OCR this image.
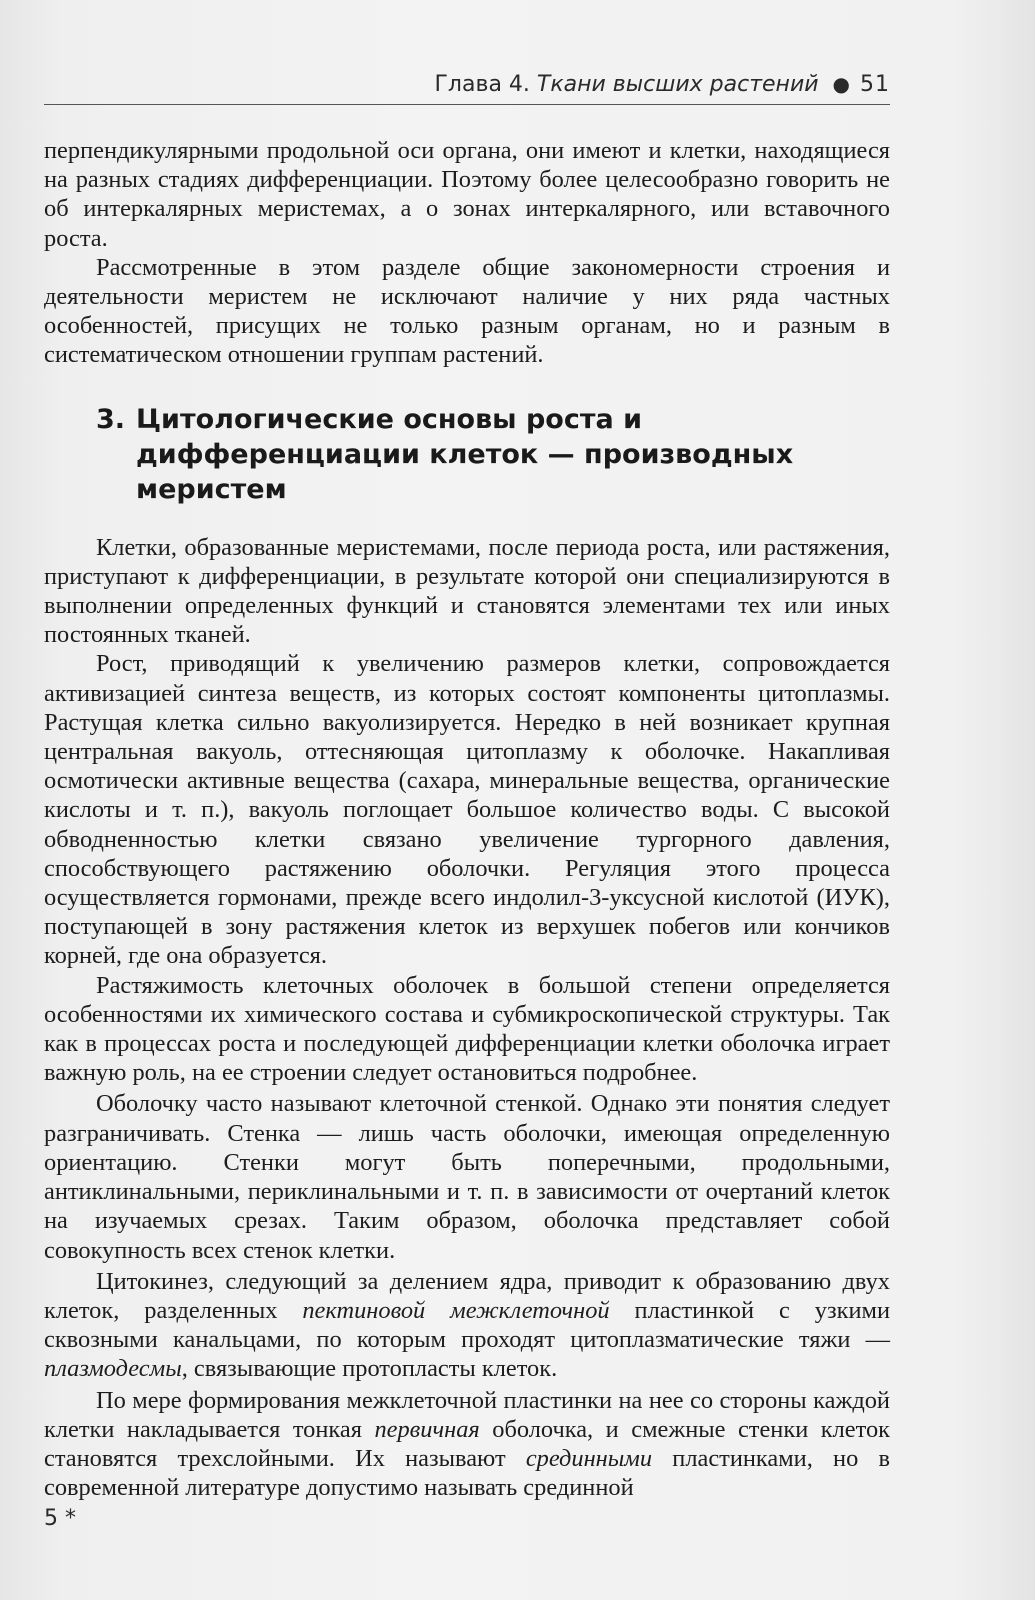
Глава 4. Ткани высших растений ● 51

перпендикулярными продольной оси органа, они имеют и клетки, находящиеся на разных стадиях дифференциации. Поэтому более целесообразно говорить не об интеркалярных меристемах, а о зонах интеркалярного, или вставочного роста.

Рассмотренные в этом разделе общие закономерности строения и деятельности меристем не исключают наличие у них ряда частных особенностей, присущих не только разным органам, но и разным в систематическом отношении группам растений.

3. Цитологические основы роста и дифференциации клеток — производных меристем

Клетки, образованные меристемами, после периода роста, или растяжения, приступают к дифференциации, в результате которой они специализируются в выполнении определенных функций и становятся элементами тех или иных постоянных тканей.

Рост, приводящий к увеличению размеров клетки, сопровождается активизацией синтеза веществ, из которых состоят компоненты цитоплазмы. Растущая клетка сильно вакуолизируется. Нередко в ней возникает крупная центральная вакуоль, оттесняющая цитоплазму к оболочке. Накапливая осмотически активные вещества (сахара, минеральные вещества, органические кислоты и т. п.), вакуоль поглощает большое количество воды. С высокой обводненностью клетки связано увеличение тургорного давления, способствующего растяжению оболочки. Регуляция этого процесса осуществляется гормонами, прежде всего индолил-3-уксусной кислотой (ИУК), поступающей в зону растяжения клеток из верхушек побегов или кончиков корней, где она образуется.

Растяжимость клеточных оболочек в большой степени определяется особенностями их химического состава и субмикроскопической структуры. Так как в процессах роста и последующей дифференциации клетки оболочка играет важную роль, на ее строении следует остановиться подробнее.

Оболочку часто называют клеточной стенкой. Однако эти понятия следует разграничивать. Стенка — лишь часть оболочки, имеющая определенную ориентацию. Стенки могут быть поперечными, продольными, антиклинальными, периклинальными и т. п. в зависимости от очертаний клеток на изучаемых срезах. Таким образом, оболочка представляет собой совокупность всех стенок клетки.

Цитокинез, следующий за делением ядра, приводит к образованию двух клеток, разделенных пектиновой межклеточной пластинкой с узкими сквозными канальцами, по которым проходят цитоплазматические тяжи — плазмодесмы, связывающие протопласты клеток.

По мере формирования межклеточной пластинки на нее со стороны каждой клетки накладывается тонкая первичная оболочка, и смежные стенки клеток становятся трехслойными. Их называют срединными пластинками, но в современной литературе допустимо называть срединной

5 *
